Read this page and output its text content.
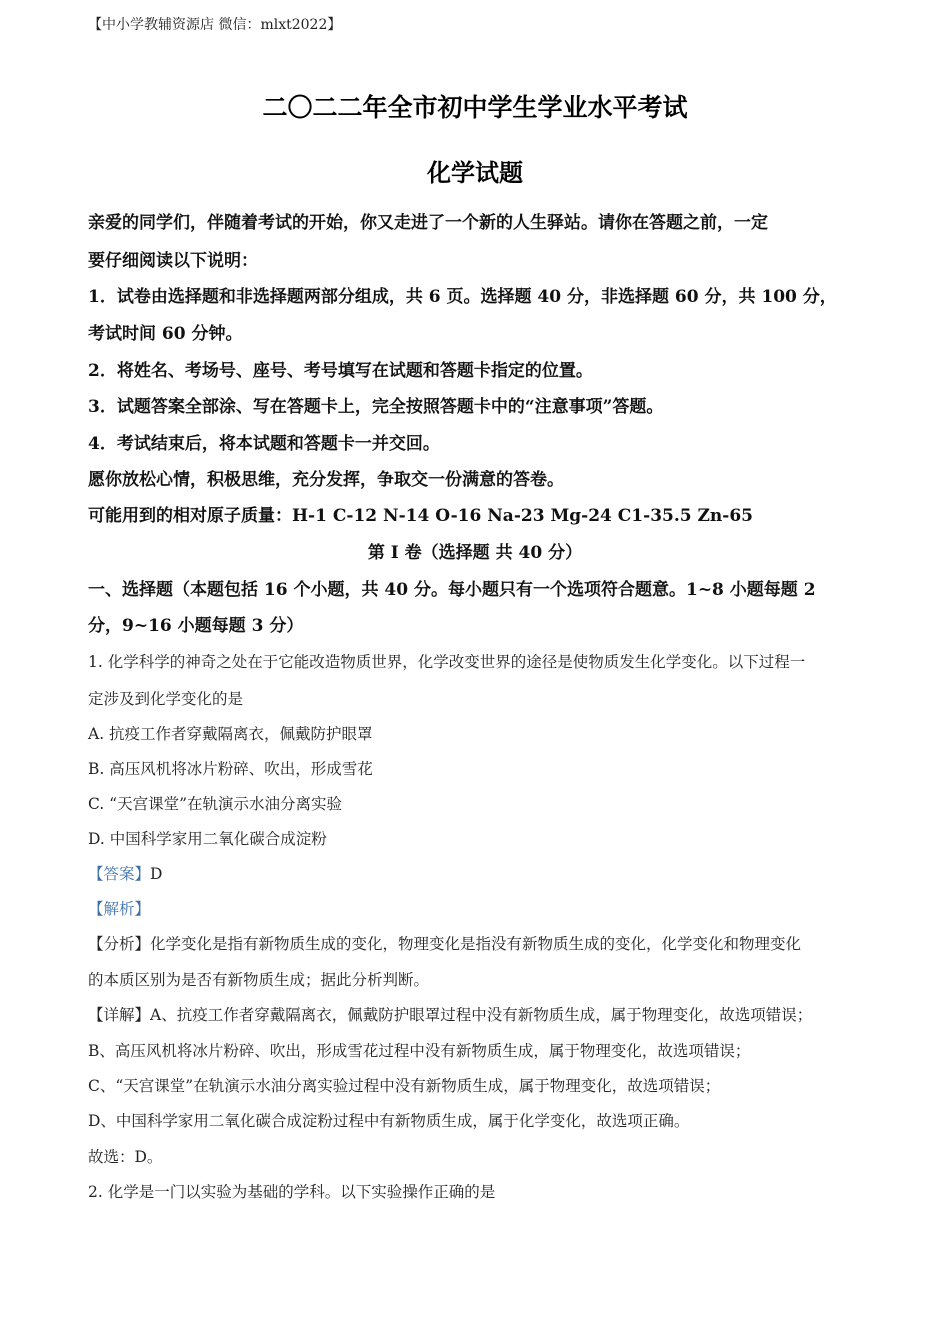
【中小学教辅资源店 微信：mlxt2022】
二〇二二年全市初中学生学业水平考试
化学试题
亲爱的同学们，伴随着考试的开始，你又走进了一个新的人生驿站。请你在答题之前，一定
要仔细阅读以下说明：
1．试卷由选择题和非选择题两部分组成，共 6 页。选择题 40 分，非选择题 60 分，共 100 分，
考试时间 60 分钟。
2．将姓名、考场号、座号、考号填写在试题和答题卡指定的位置。
3．试题答案全部涂、写在答题卡上，完全按照答题卡中的“注意事项”答题。
4．考试结束后，将本试题和答题卡一并交回。
愿你放松心情，积极思维，充分发挥，争取交一份满意的答卷。
可能用到的相对原子质量：H-1 C-12 N-14 O-16 Na-23 Mg-24 C1-35.5 Zn-65
第 I 卷（选择题 共 40 分）
一、选择题（本题包括 16 个小题，共 40 分。每小题只有一个选项符合题意。1~8 小题每题 2
分，9~16 小题每题 3 分）
1. 化学科学的神奇之处在于它能改造物质世界，化学改变世界的途径是使物质发生化学变化。以下过程一
定涉及到化学变化的是
A. 抗疫工作者穿戴隔离衣，佩戴防护眼罩
B. 高压风机将冰片粉碎、吹出，形成雪花
C. “天宫课堂”在轨演示水油分离实验
D. 中国科学家用二氧化碳合成淀粉
【答案】D
【解析】
【分析】化学变化是指有新物质生成的变化，物理变化是指没有新物质生成的变化，化学变化和物理变化
的本质区别为是否有新物质生成；据此分析判断。
【详解】A、抗疫工作者穿戴隔离衣，佩戴防护眼罩过程中没有新物质生成，属于物理变化，故选项错误；
B、高压风机将冰片粉碎、吹出，形成雪花过程中没有新物质生成，属于物理变化，故选项错误；
C、“天宫课堂”在轨演示水油分离实验过程中没有新物质生成，属于物理变化，故选项错误；
D、中国科学家用二氧化碳合成淀粉过程中有新物质生成，属于化学变化，故选项正确。
故选：D。
2. 化学是一门以实验为基础的学科。以下实验操作正确的是
